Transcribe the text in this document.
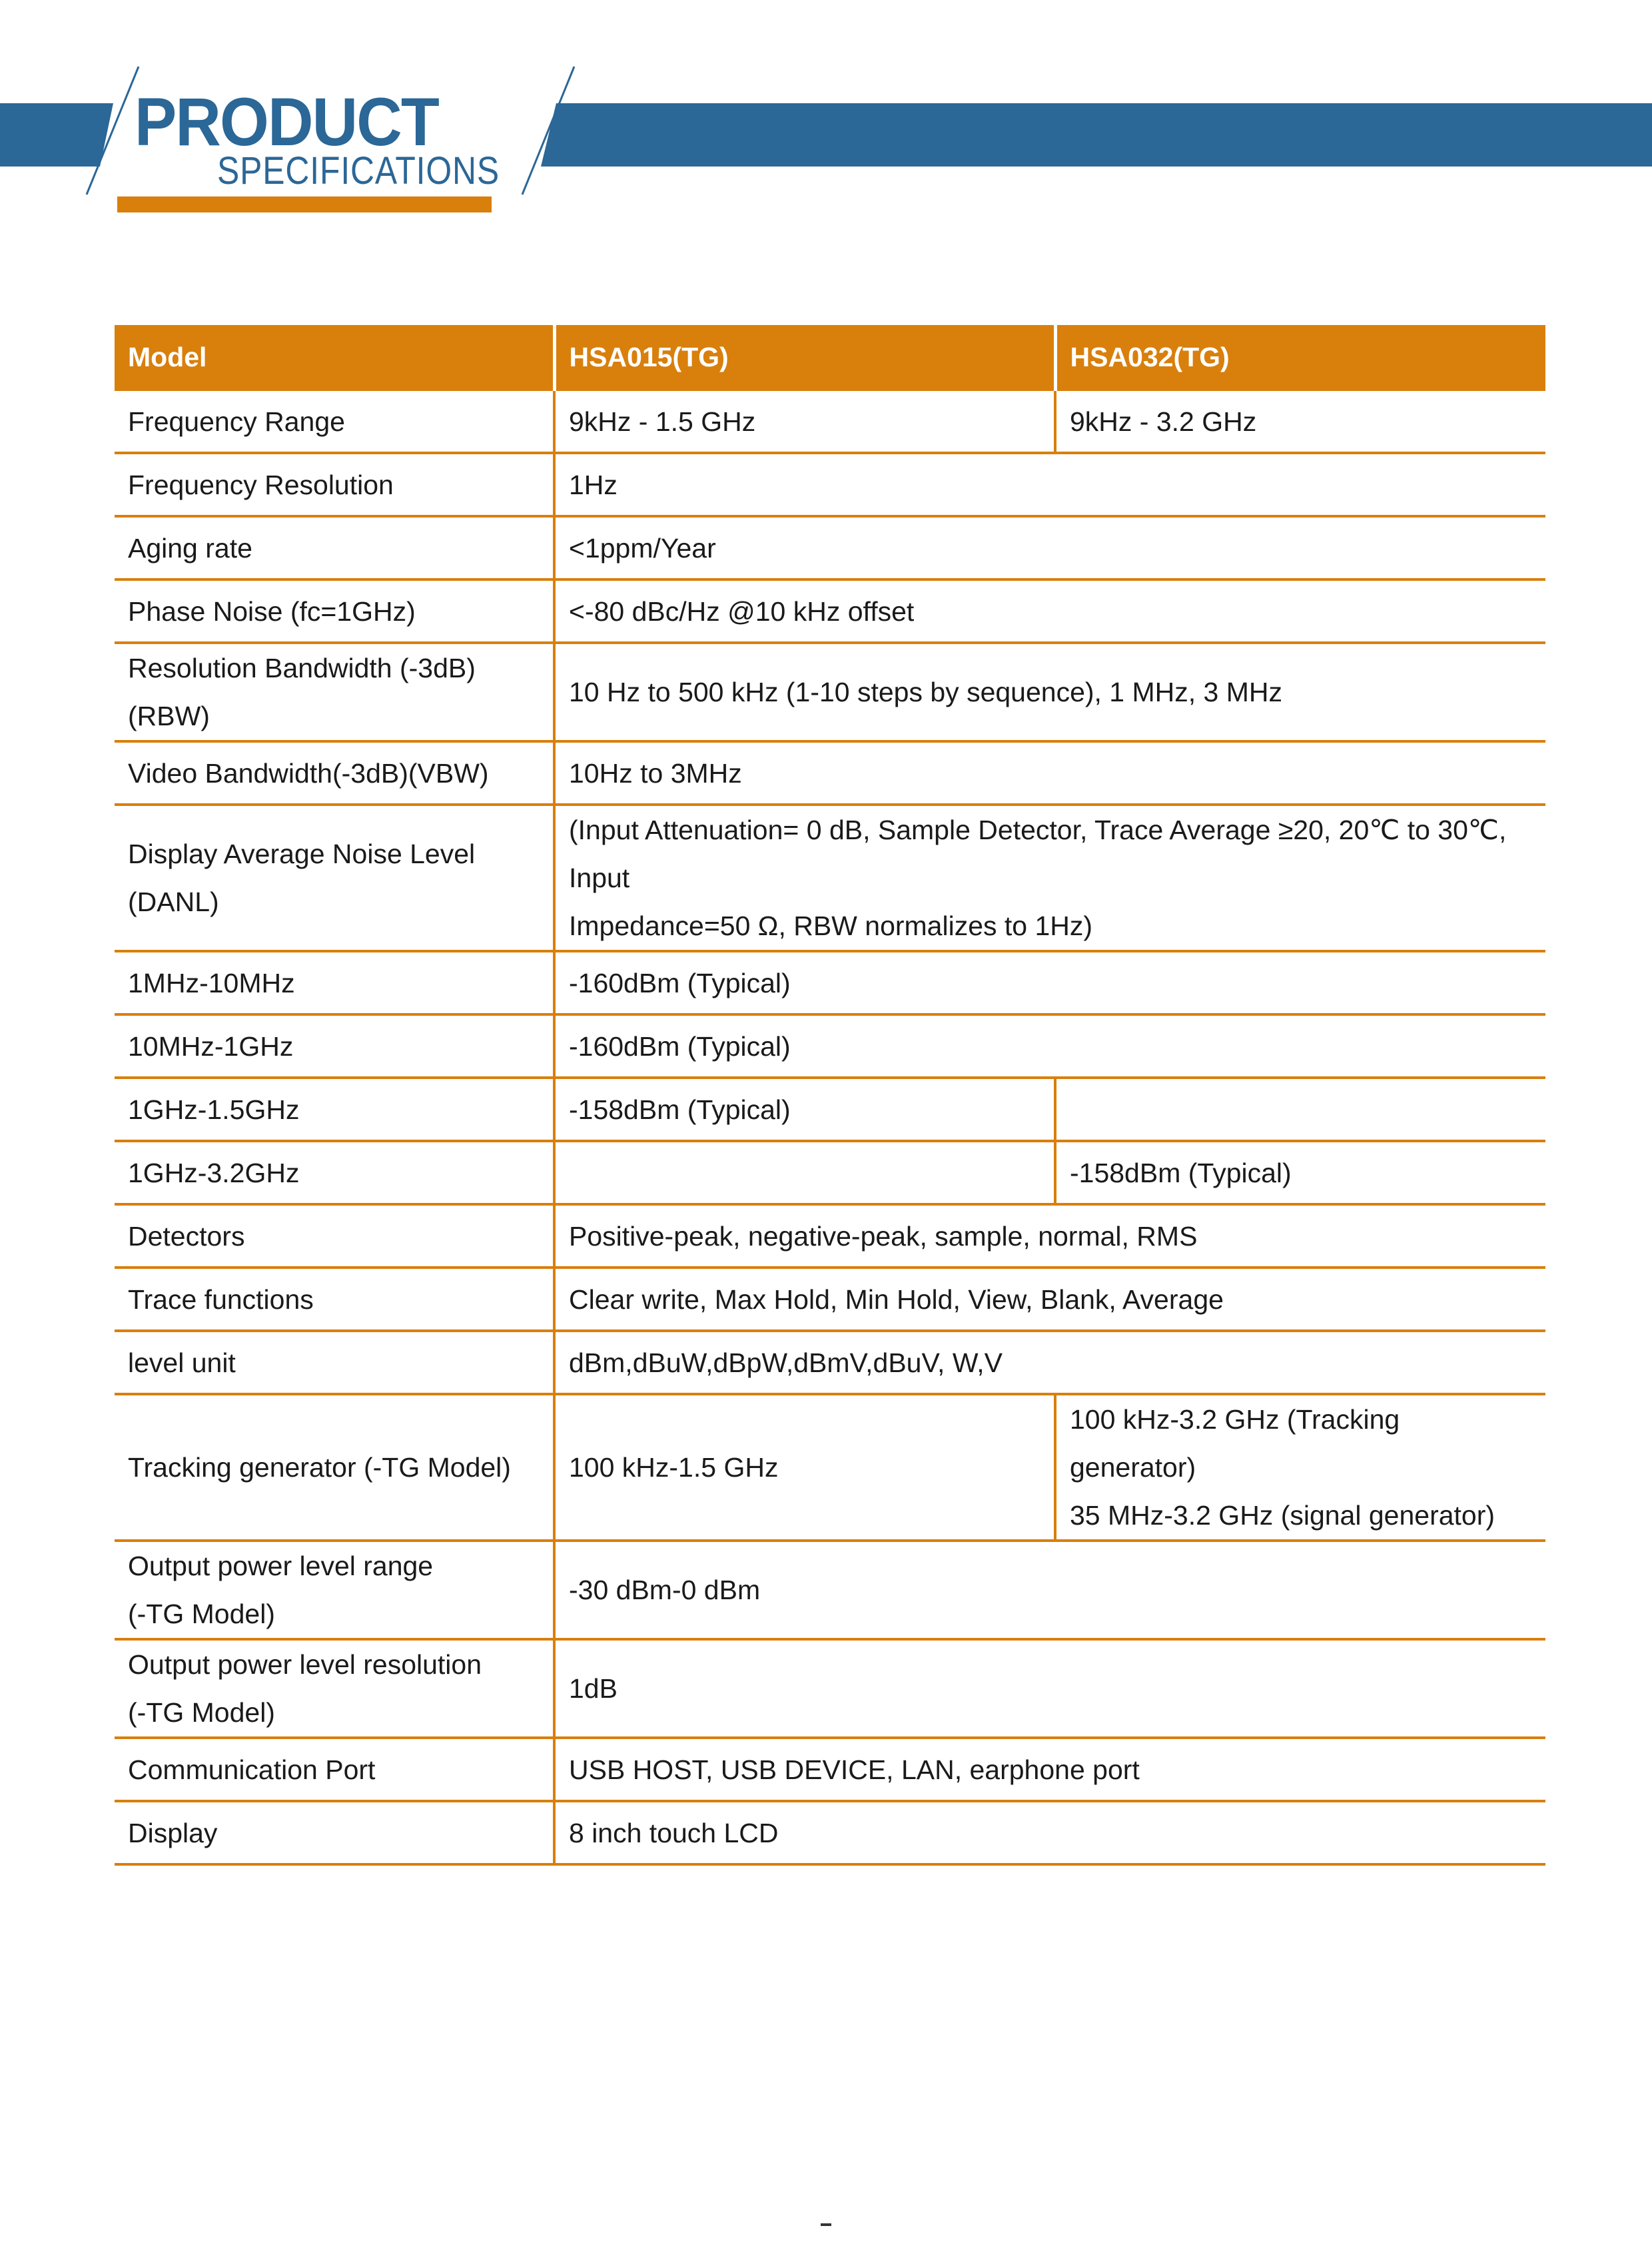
PRODUCT
SPECIFICATIONS
Model	HSA015(TG)	HSA032(TG)
Frequency Range	9kHz - 1.5 GHz	9kHz - 3.2 GHz
Frequency Resolution	1Hz	
Aging rate	<1ppm/Year	
Phase Noise (fc=1GHz)	<-80 dBc/Hz @10 kHz offset	
Resolution Bandwidth (-3dB) (RBW)	10 Hz to 500 kHz (1-10 steps by sequence), 1 MHz, 3 MHz	
Video Bandwidth(-3dB)(VBW)	10Hz to 3MHz	
Display Average Noise Level (DANL)	(Input Attenuation= 0 dB, Sample Detector, Trace Average ≥20, 20℃ to 30℃, Input
Impedance=50 Ω, RBW normalizes to 1Hz)	

1MHz-10MHz	-160dBm (Typical)	
10MHz-1GHz	-160dBm (Typical)	
1GHz-1.5GHz	-158dBm (Typical)	
1GHz-3.2GHz		-158dBm (Typical)
Detectors	Positive-peak, negative-peak, sample, normal, RMS	
Trace functions	Clear write, Max Hold, Min Hold, View, Blank, Average	
level unit	dBm,dBuW,dBpW,dBmV,dBuV, W,V	
Tracking generator (-TG Model)	100 kHz-1.5 GHz	100 kHz-3.2 GHz (Tracking generator)
35 MHz-3.2 GHz (signal generator)

Output power level range
(-TG Model)	-30 dBm-0 dBm	

Output power level resolution
(-TG Model)	1dB	
Communication Port	USB HOST, USB DEVICE, LAN, earphone port	
Display	8 inch touch LCD	
